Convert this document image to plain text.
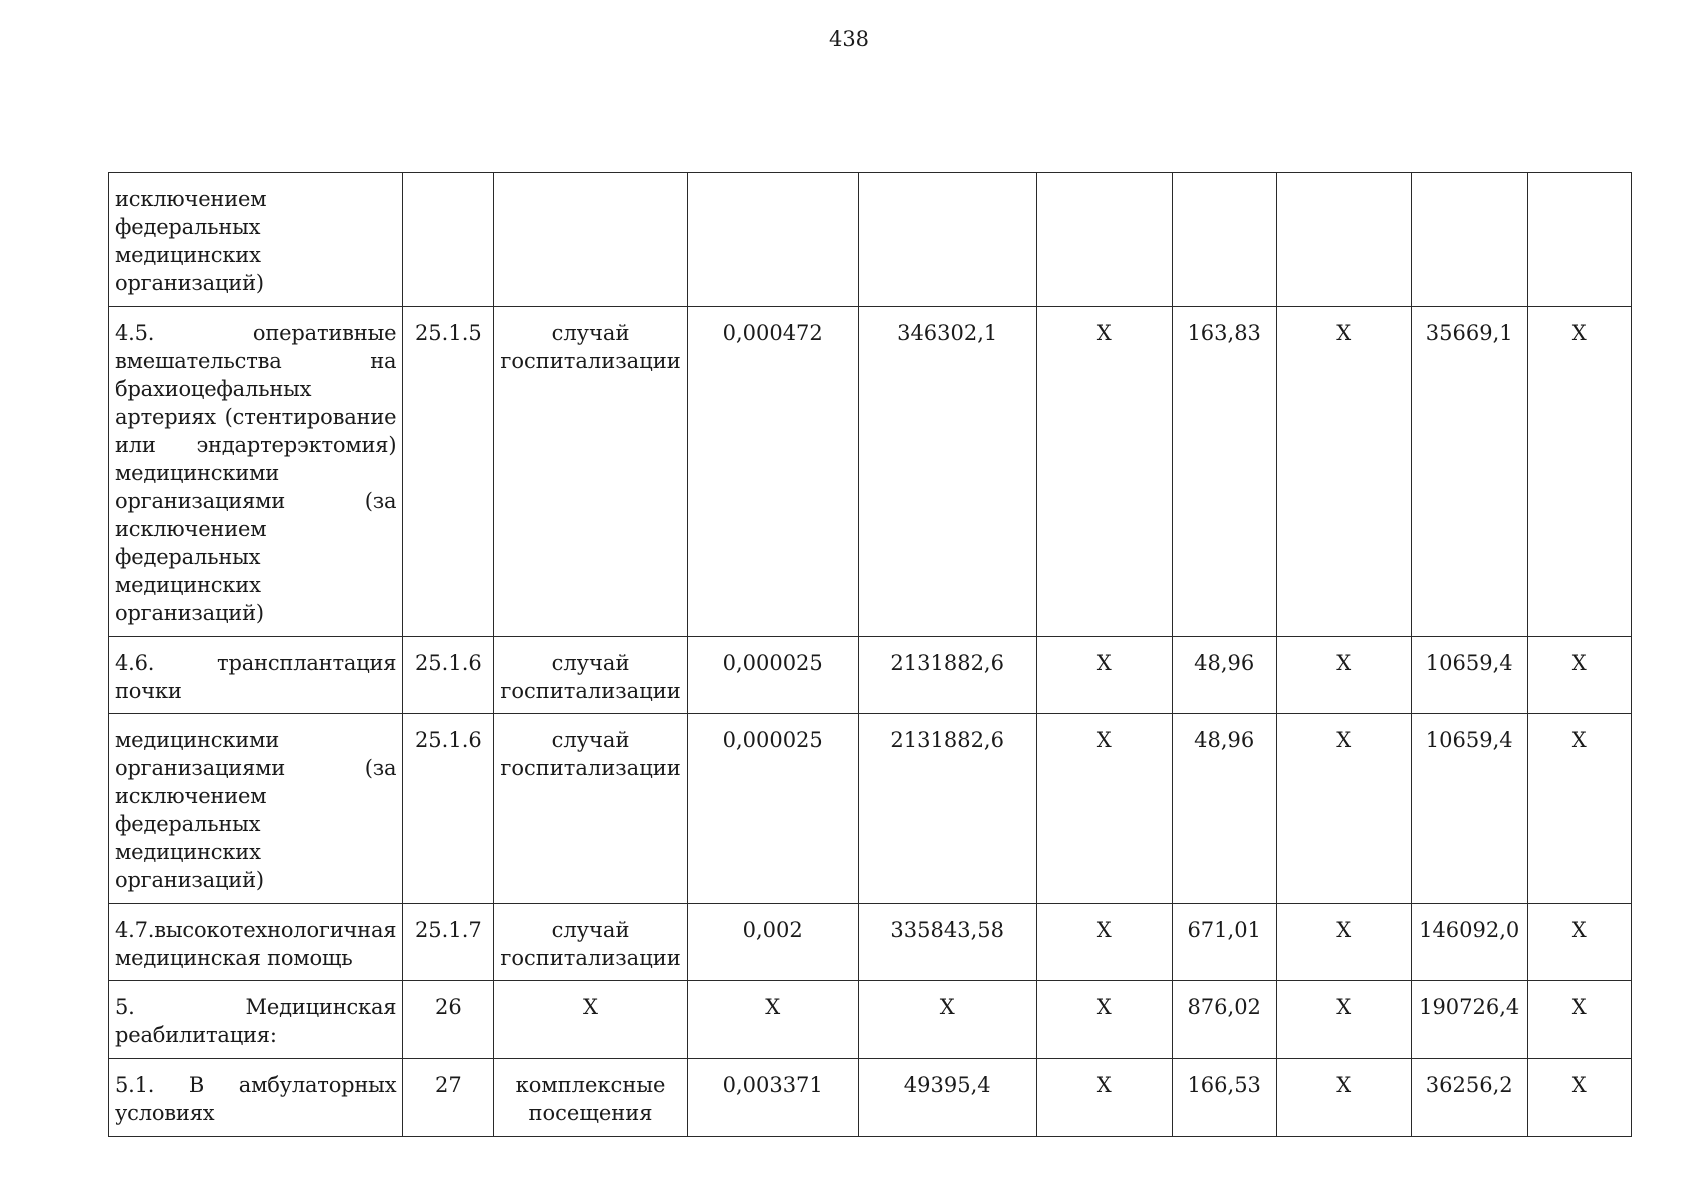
438
исключением федеральных медицинских организаций)									
4.5. оперативные вмешательства на брахиоцефальных артериях (стентирование или эндартерэктомия) медицинскими организациями (за исключением федеральных медицинских организаций)	25.1.5	случай госпитализации	0,000472	346302,1	Х	163,83	Х	35669,1	Х
4.6. трансплантация почки	25.1.6	случай госпитализации	0,000025	2131882,6	Х	48,96	Х	10659,4	Х
медицинскими организациями (за исключением федеральных медицинских организаций)	25.1.6	случай госпитализации	0,000025	2131882,6	Х	48,96	Х	10659,4	Х
4.7.высокотехнологичная медицинская помощь	25.1.7	случай госпитализации	0,002	335843,58	Х	671,01	Х	146092,0	Х
5. Медицинская реабилитация:	26	Х	Х	Х	Х	876,02	Х	190726,4	Х
5.1. В амбулаторных условиях	27	комплексные посещения	0,003371	49395,4	Х	166,53	Х	36256,2	Х
